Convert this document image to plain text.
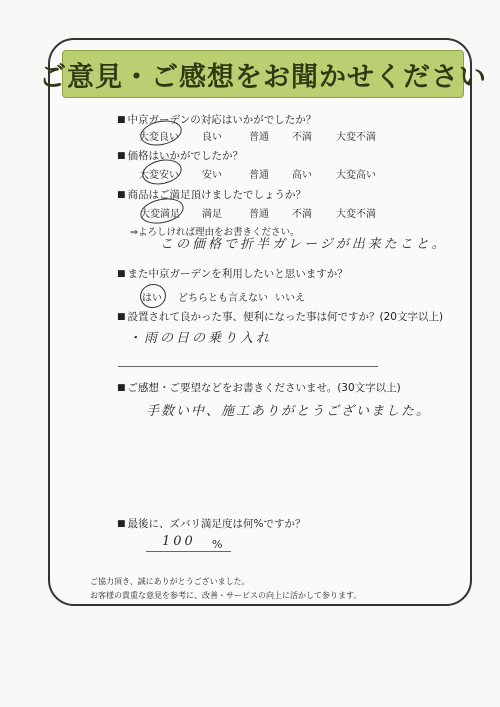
ご意見・ご感想をお聞かせください
■ 中京ガーデンの対応はいかがでしたか？
大変良い 良い	普通 不満 大変不満
■ 価格はいかがでしたか？
大変安い 安い	普通 高い 大変高い
■ 商品はご満足頂けましたでしょうか？
大変満足 満足	普通 不満 大変不満
⇒よろしければ理由をお書きください。
この価格で折半ガレージが出来たこと。
■ また中京ガーデンを利用したいと思いますか？
はい どちらとも言えない いいえ
■ 設置されて良かった事、便利になった事は何ですか？(20文字以上)
・雨の日の乗り入れ
■ ご感想・ご要望などをお書きくださいませ。(30文字以上)
手数い中、施工ありがとうございました。
■ 最後に、ズバリ満足度は何%ですか？
100 %
ご協力頂き、誠にありがとうございました。
お客様の貴重な意見を参考に、改善・サービスの向上に活かして参ります。
